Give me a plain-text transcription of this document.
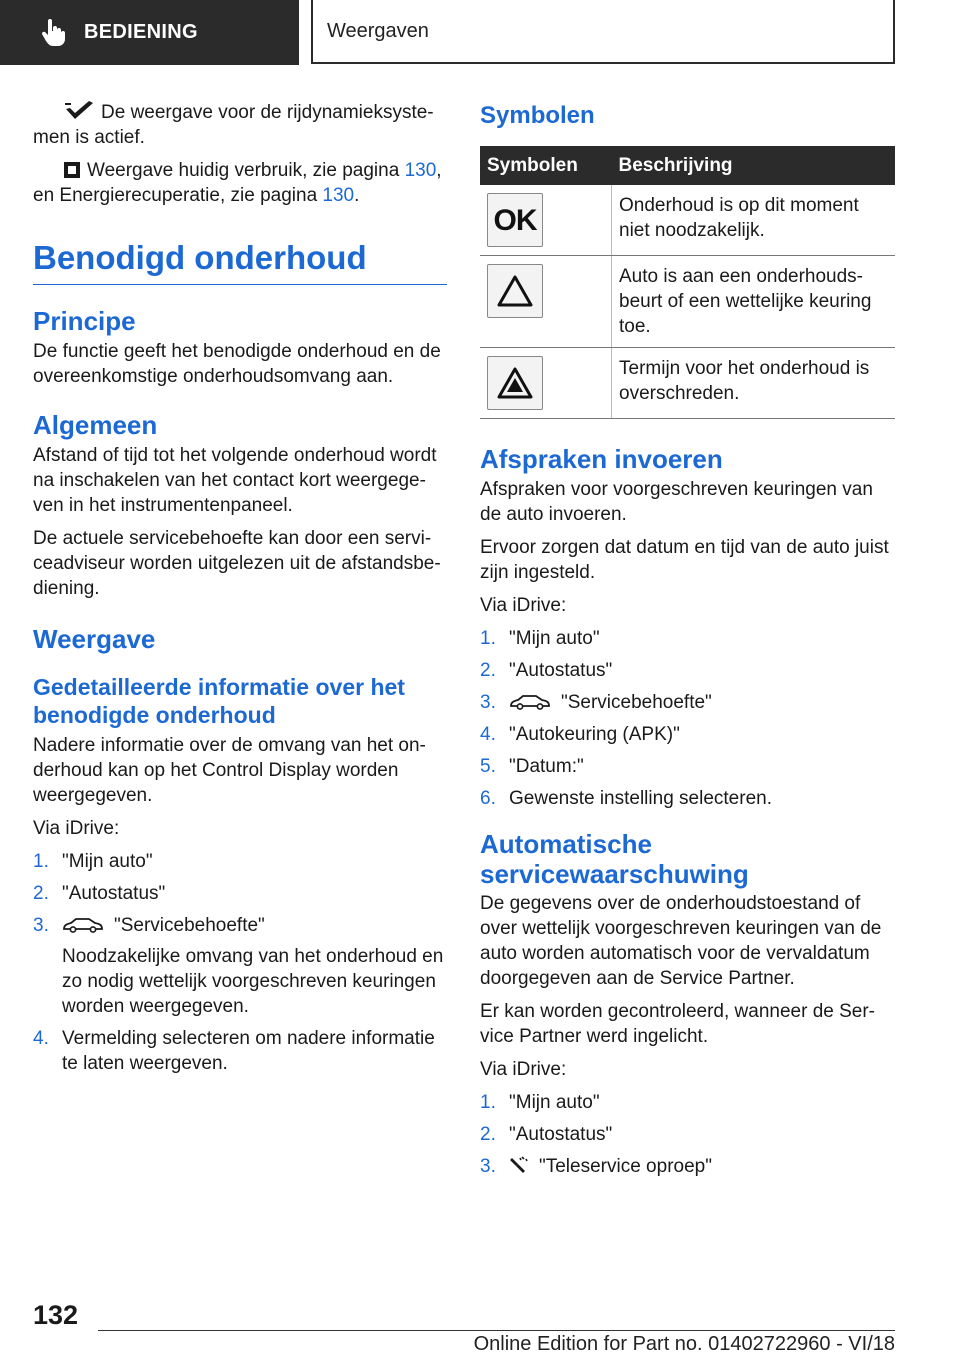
BEDIENING	Weergaven

De weergave voor de rijdynamieksyste- men is actief.

Weergave huidig verbruik, zie pagina 130, en Energierecuperatie, zie pagina 130.

Benodigd onderhoud
Principe

De functie geeft het benodigde onderhoud en de overeenkomstige onderhoudsomvang aan.

Algemeen

Afstand of tijd tot het volgende onderhoud wordt na inschakelen van het contact kort weergege- ven in het instrumentenpaneel.

De actuele servicebehoefte kan door een servi- ceadviseur worden uitgelezen uit de afstandsbe- diening.

Weergave
Gedetailleerde informatie over het benodigde onderhoud

Nadere informatie over de omvang van het on- derhoud kan op het Control Display worden weergegeven.

Via iDrive:

1. "Mijn auto"
2. "Autostatus"
3.	"Servicebehoefte"
Noodzakelijke omvang van het onderhoud en zo nodig wettelijk voorgeschreven keuringen worden weergegeven.
4. Vermelding selecteren om nadere informatie te laten weergeven.
Symbolen
Symbolen	Beschrijving

OK	Onderhoud is op dit moment niet noodzakelijk.

	Auto is aan een onderhouds- beurt of een wettelijke keuring toe.

	Termijn voor het onderhoud is overschreden.
Afspraken invoeren

Afspraken voor voorgeschreven keuringen van de auto invoeren.

Ervoor zorgen dat datum en tijd van de auto juist zijn ingesteld.

Via iDrive:

1. "Mijn auto"
2. "Autostatus"
3.	"Servicebehoefte"
4. "Autokeuring (APK)"
5. "Datum:"
6. Gewenste instelling selecteren.
Automatische servicewaarschuwing

De gegevens over de onderhoudstoestand of over wettelijk voorgeschreven keuringen van de auto worden automatisch voor de vervaldatum doorgegeven aan de Service Partner.

Er kan worden gecontroleerd, wanneer de Ser- vice Partner werd ingelicht.

Via iDrive:

1. "Mijn auto"
2. "Autostatus"
3.	"Teleservice oproep"
132
Online Edition for Part no. 01402722960 - VI/18
